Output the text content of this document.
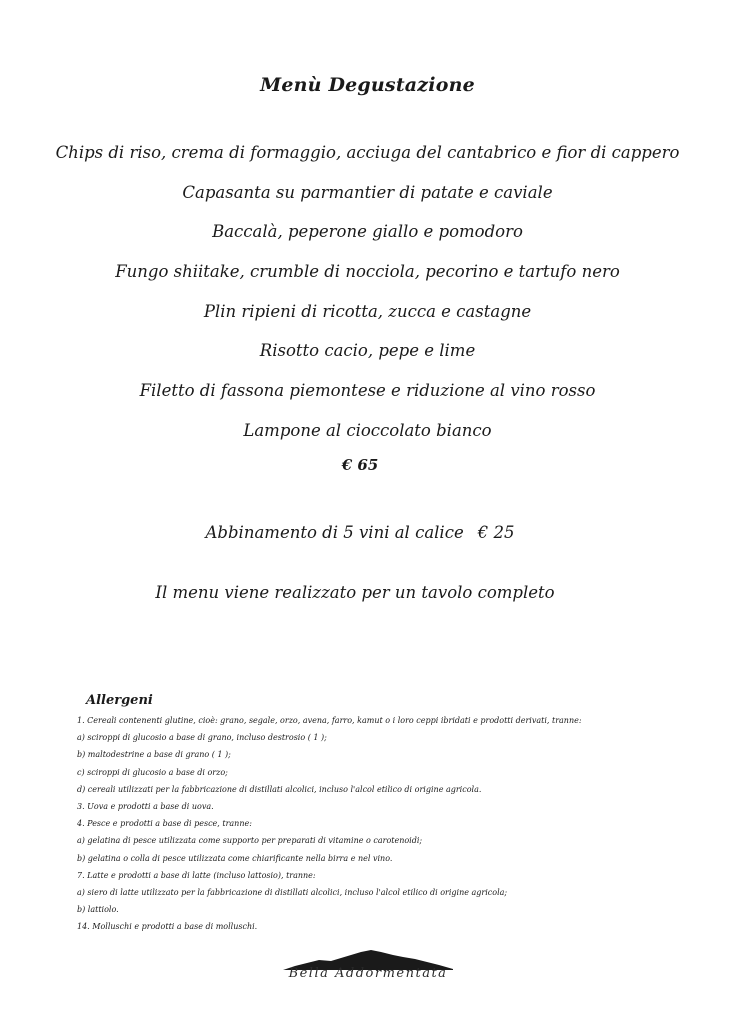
Menù Degustazione
Chips di riso, crema di formaggio, acciuga del cantabrico e fior di cappero
Capasanta su parmantier di patate e caviale
Baccalà, peperone giallo e pomodoro
Fungo shiitake, crumble di nocciola, pecorino e tartufo nero
Plin ripieni di ricotta, zucca e castagne
Risotto cacio, pepe e lime
Filetto di fassona piemontese e riduzione al vino rosso
Lampone al cioccolato bianco
€ 65
Abbinamento di 5 vini al calice € 25
Il menu viene realizzato per un tavolo completo
Allergeni
1. Cereali contenenti glutine, cioè: grano, segale, orzo, avena, farro, kamut o i loro ceppi ibridati e prodotti derivati, tranne:
a) sciroppi di glucosio a base di grano, incluso destrosio ( 1 );
b) maltodestrine a base di grano ( 1 );
c) sciroppi di glucosio a base di orzo;
d) cereali utilizzati per la fabbricazione di distillati alcolici, incluso l'alcol etilico di origine agricola.
3. Uova e prodotti a base di uova.
4. Pesce e prodotti a base di pesce, tranne:
a) gelatina di pesce utilizzata come supporto per preparati di vitamine o carotenoidi;
b) gelatina o colla di pesce utilizzata come chiarificante nella birra e nel vino.
7. Latte e prodotti a base di latte (incluso lattosio), tranne:
a) siero di latte utilizzato per la fabbricazione di distillati alcolici, incluso l'alcol etilico di origine agricola;
b) lattiolo.
14. Molluschi e prodotti a base di molluschi.
Bella Addormentata
